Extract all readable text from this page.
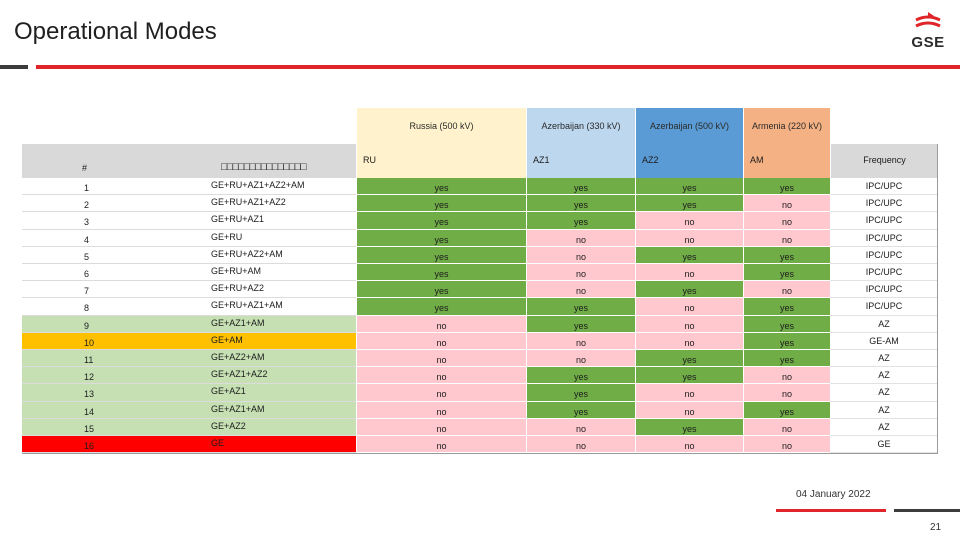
Operational Modes	GSE
Russia (500 kV)	Azerbaijan (330 kV)	Azerbaijan (500 kV)	Armenia (220 kV)
#	□□□□□□□□□□□□□□□
RU	AZ1	AZ2	AM	Frequency
1	GE+RU+AZ1+AZ2+AM	yes	yes	yes	yes	IPC/UPC
2	GE+RU+AZ1+AZ2	yes	yes	yes	no	IPC/UPC
3	GE+RU+AZ1	yes	yes	no	no	IPC/UPC
4	GE+RU	yes	no	no	no	IPC/UPC
5	GE+RU+AZ2+AM	yes	no	yes	yes	IPC/UPC
6	GE+RU+AM	yes	no	no	yes	IPC/UPC
7	GE+RU+AZ2	yes	no	yes	no	IPC/UPC
8	GE+RU+AZ1+AM	yes	yes	no	yes	IPC/UPC
9	GE+AZ1+AM	no	yes	no	yes	AZ
10	GE+AM	no	no	no	yes	GE-AM
11	GE+AZ2+AM	no	no	yes	yes	AZ
12	GE+AZ1+AZ2	no	yes	yes	no	AZ
13	GE+AZ1	no	yes	no	no	AZ
14	GE+AZ1+AM	no	yes	no	yes	AZ
15	GE+AZ2	no	no	yes	no	AZ
16	GE	no	no	no	no	GE
04 January 2022
21
